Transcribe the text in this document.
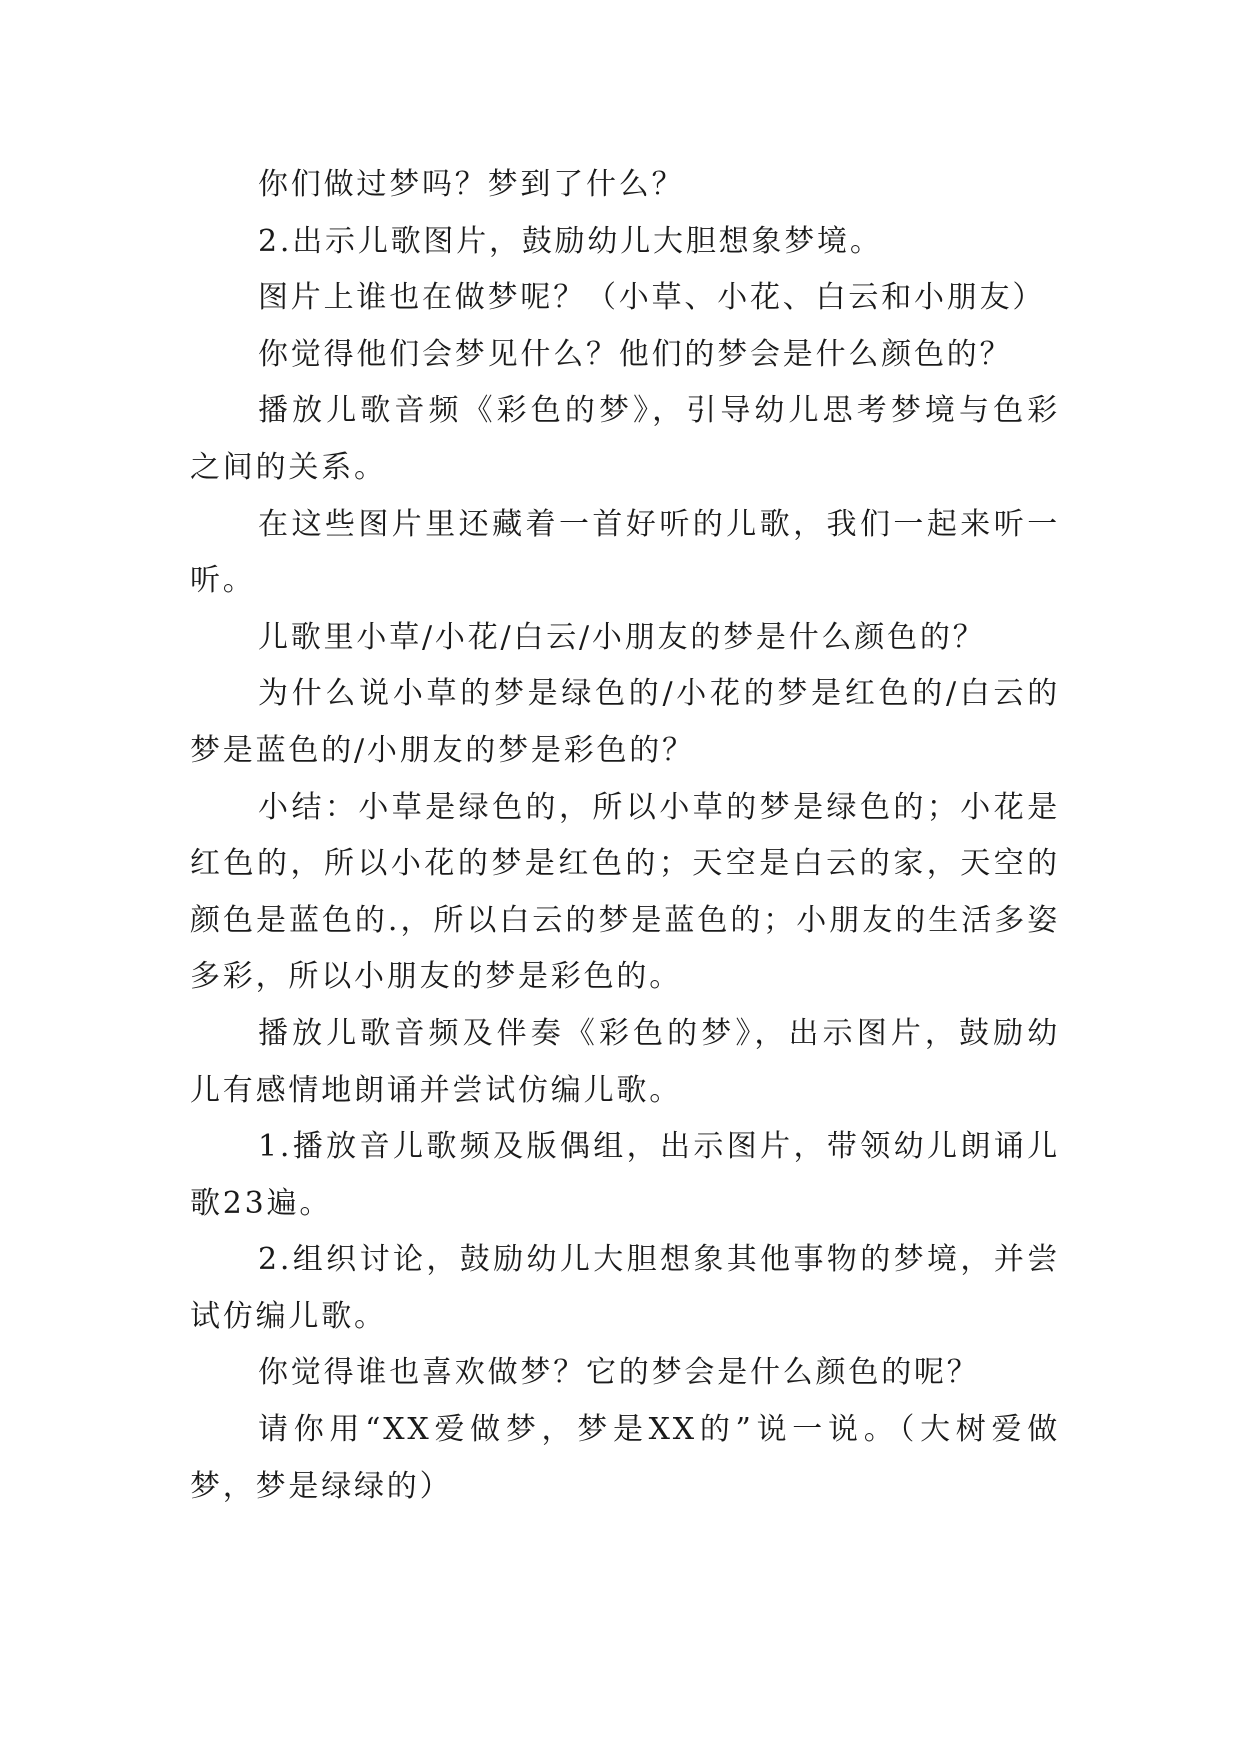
你们做过梦吗？梦到了什么？

2.出示儿歌图片，鼓励幼儿大胆想象梦境。

图片上谁也在做梦呢？（小草、小花、白云和小朋友）

你觉得他们会梦见什么？他们的梦会是什么颜色的？

播放儿歌音频《彩色的梦》，引导幼儿思考梦境与色彩之间的关系。

在这些图片里还藏着一首好听的儿歌，我们一起来听一听。

儿歌里小草/小花/白云/小朋友的梦是什么颜色的？

为什么说小草的梦是绿色的/小花的梦是红色的/白云的梦是蓝色的/小朋友的梦是彩色的？

小结：小草是绿色的，所以小草的梦是绿色的；小花是红色的，所以小花的梦是红色的；天空是白云的家，天空的颜色是蓝色的.，所以白云的梦是蓝色的；小朋友的生活多姿多彩，所以小朋友的梦是彩色的。

播放儿歌音频及伴奏《彩色的梦》，出示图片，鼓励幼儿有感情地朗诵并尝试仿编儿歌。

1.播放音儿歌频及版偶组，出示图片，带领幼儿朗诵儿歌23遍。

2.组织讨论，鼓励幼儿大胆想象其他事物的梦境，并尝试仿编儿歌。

你觉得谁也喜欢做梦？它的梦会是什么颜色的呢？

请你用“XX爱做梦，梦是XX的”说一说。（大树爱做梦，梦是绿绿的）
